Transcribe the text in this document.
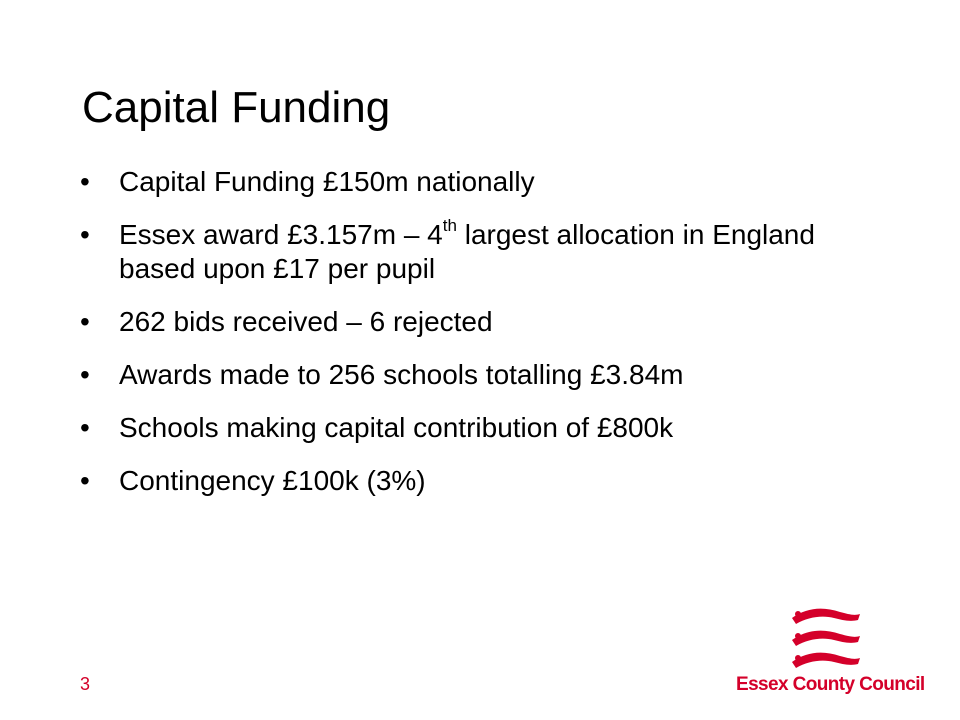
Capital Funding
• Capital Funding £150m nationally
• Essex award £3.157m – 4th largest allocation in England based upon £17 per pupil
• 262 bids received – 6 rejected
• Awards made to 256 schools totalling £3.84m
• Schools making capital contribution of £800k
• Contingency £100k (3%)
3	Essex County Council
